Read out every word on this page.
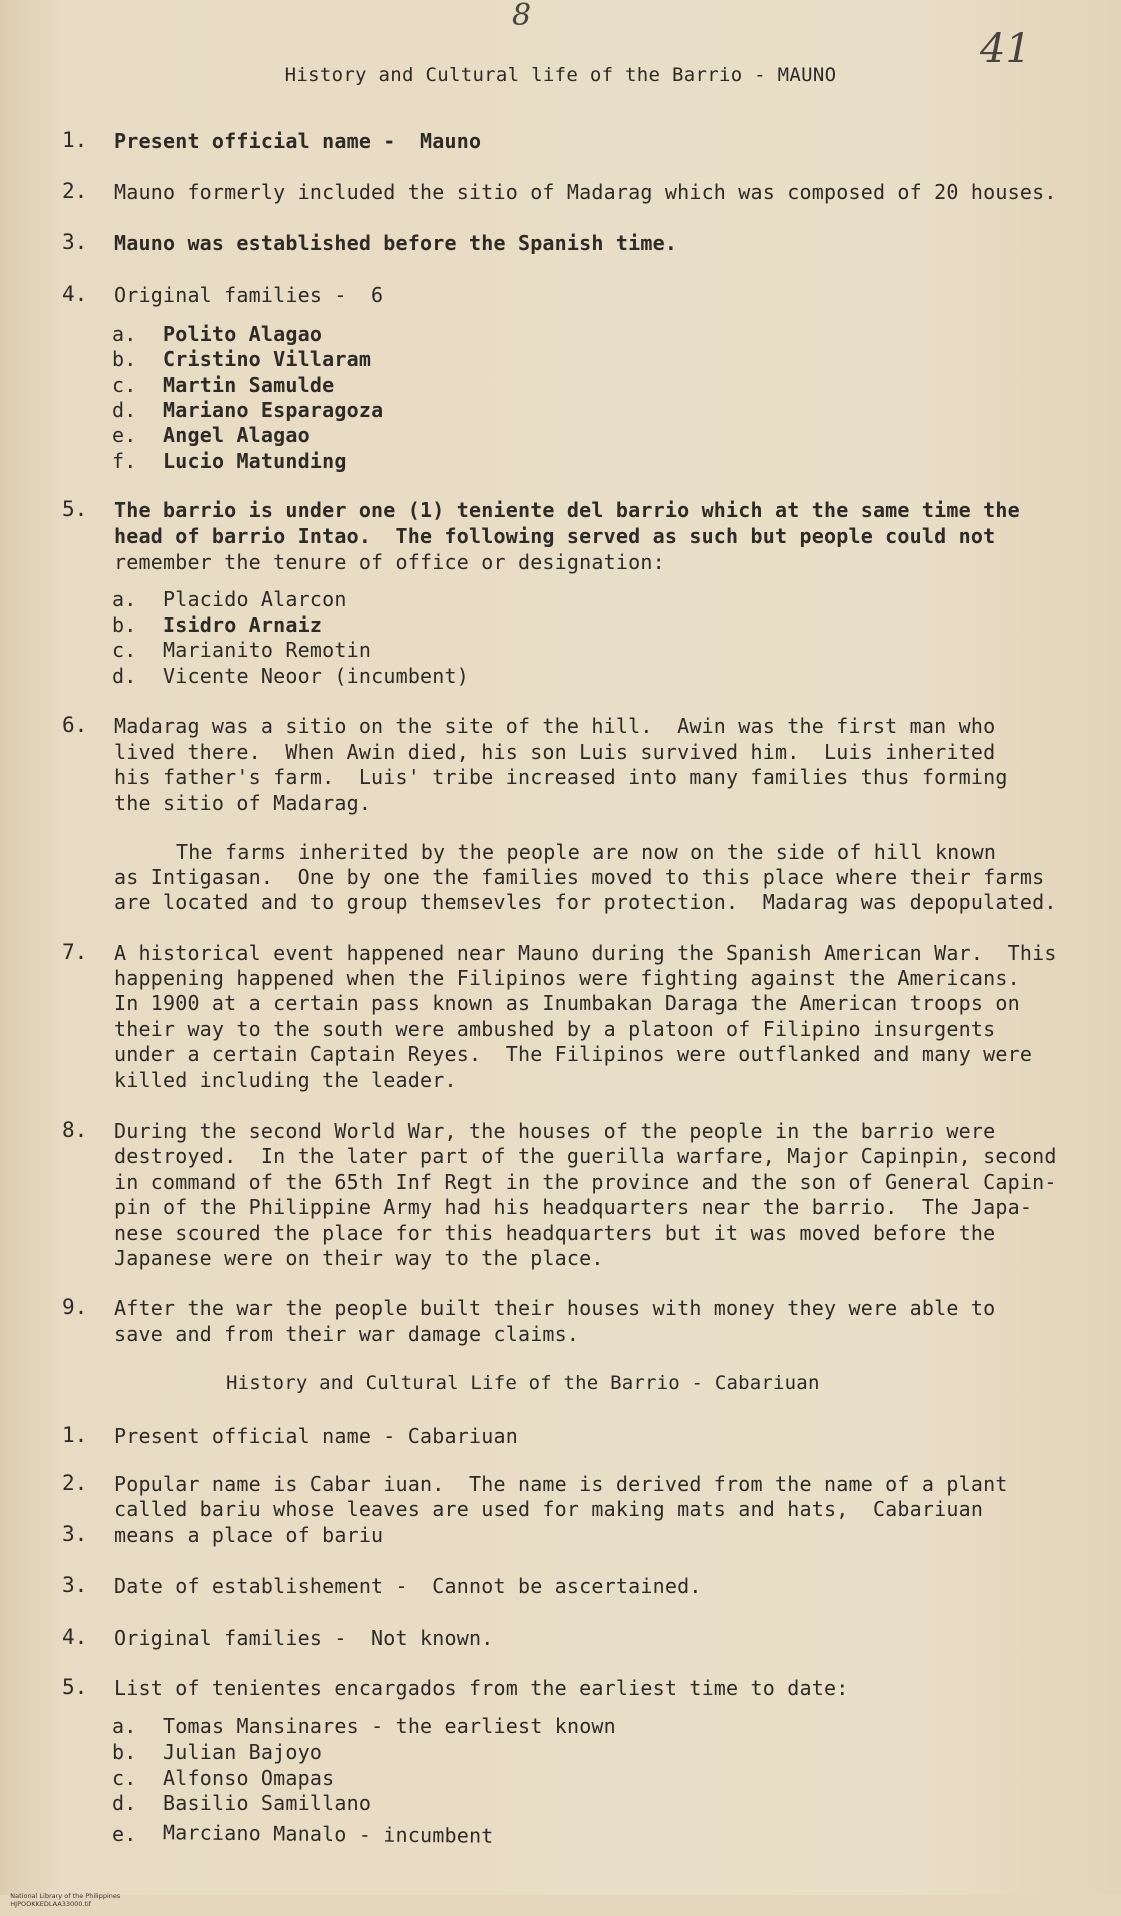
8
41
History and Cultural life of the Barrio - MAUNO
1. Present official name -  Mauno
2. Mauno formerly included the sitio of Madarag which was composed of 20 houses.
3. Mauno was established before the Spanish time.
4. Original families -  6
a. Polito Alagao
b. Cristino Villaram
c. Martin Samulde
d. Mariano Esparagoza
e. Angel Alagao
f. Lucio Matunding
5. The barrio is under one (1) teniente del barrio which at the same time the
head of barrio Intao.  The following served as such but people could not
remember the tenure of office or designation:
a. Placido Alarcon
b. Isidro Arnaiz
c. Marianito Remotin
d. Vicente Neoor (incumbent)
6. Madarag was a sitio on the site of the hill.  Awin was the first man who
lived there.  When Awin died, his son Luis survived him.  Luis inherited
his father's farm.  Luis' tribe increased into many families thus forming
the sitio of Madarag.
The farms inherited by the people are now on the side of hill known
as Intigasan.  One by one the families moved to this place where their farms
are located and to group themsevles for protection.  Madarag was depopulated.
7. A historical event happened near Mauno during the Spanish American War.  This
happening happened when the Filipinos were fighting against the Americans.
In 1900 at a certain pass known as Inumbakan Daraga the American troops on
their way to the south were ambushed by a platoon of Filipino insurgents
under a certain Captain Reyes.  The Filipinos were outflanked and many were
killed including the leader.
8. During the second World War, the houses of the people in the barrio were
destroyed.  In the later part of the guerilla warfare, Major Capinpin, second
in command of the 65th Inf Regt in the province and the son of General Capin-
pin of the Philippine Army had his headquarters near the barrio.  The Japa-
nese scoured the place for this headquarters but it was moved before the
Japanese were on their way to the place.
9. After the war the people built their houses with money they were able to
save and from their war damage claims.
History and Cultural Life of the Barrio - Cabariuan
1. Present official name - Cabariuan
2. Popular name is Cabar iuan.  The name is derived from the name of a plant
called bariu whose leaves are used for making mats and hats,  Cabariuan
3. means a place of bariu
3. Date of establishement -  Cannot be ascertained.
4. Original families -  Not known.
5. List of tenientes encargados from the earliest time to date:
a. Tomas Mansinares - the earliest known
b. Julian Bajoyo
c. Alfonso Omapas
d. Basilio Samillano
e. Marciano Manalo - incumbent

National Library of the Philippines
HJPOOKKEDLAA33000.tif
